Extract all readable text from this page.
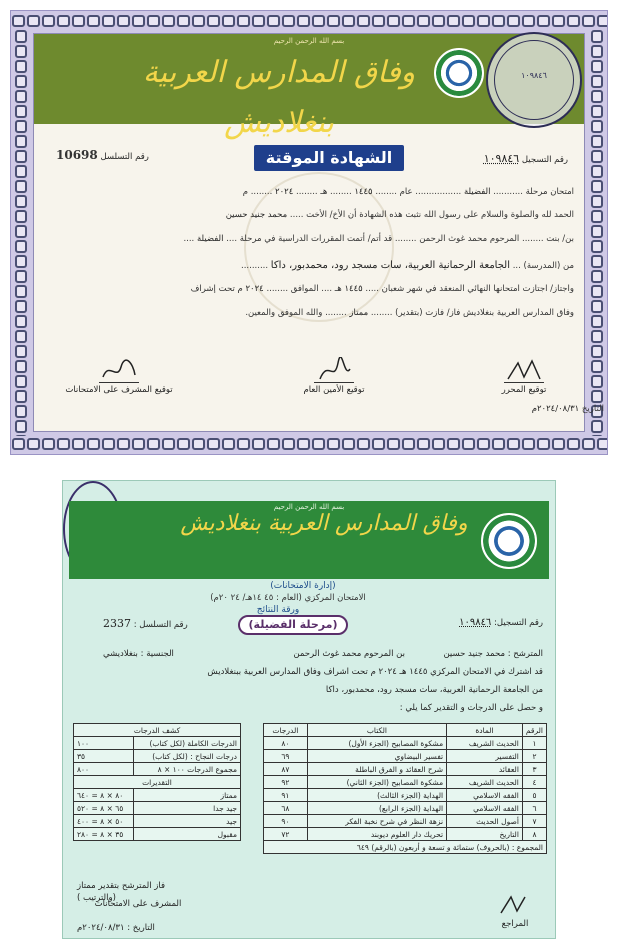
بسم الله الرحمن الرحيم
وفاق المدارس العربية بنغلاديش
١٠٩٨٤٦
رقم التسجيل ١٠٩٨٤٦
الشهادة الموقتة
رقم التسلسل 10698
امتحان مرحلة ........... الفضيلة ................. عام ........ ١٤٤٥ ........ هـ ........ ٢٠٢٤ ........ م
الحمد لله والصلوة والسلام على رسول الله نثبت هذه الشهادة أن الأخ/ الأخت ..... محمد جنيد حسين
بن/ بنت ........ المرحوم محمد غوث الرحمن ........ قد أتم/ أتمت المقررات الدراسية في مرحلة .... الفضيلة ....
من (المدرسة) ... الجامعة الرحمانية العربية، سات مسجد رود، محمدبور، داكا ..........
واجتاز/ اجتازت امتحانها النهائي المنعقد في شهر شعبان ..... ١٤٤٥ هـ .... الموافق ........ ٢٠٢٤ م تحت إشراف
وفاق المدارس العربية بنغلاديش فاز/ فازت (بتقدير) ........ ممتاز ........ والله الموفق والمعين.
توقيع المشرف على الامتحانات	توقيع الأمين العام	توقيع المحرر
التاريخ ٢٠٢٤/٠٨/٣١م
بسم الله الرحمن الرحيم
وفاق المدارس العربية بنغلاديش
(إدارة الامتحانات)
الامتحان المركزي (العام : ٤٥ ١٤هـ/ ٢٤ ٢٠م)
ورقة النتائج
رقم التسجيل: ١٠٩٨٤٦
(مرحلة الفضيلة)
رقم التسلسل : 2337
المترشح : محمد جنيد حسين
بن المرحوم محمد غوث الرحمن
الجنسية : بنغلاديشي
قد اشترك في الامتحان المركزي ١٤٤٥ هـ ٢٠٢٤ م تحت اشراف وفاق المدارس العربية ببنغلاديش
من الجامعة الرحمانية العربية، سات مسجد رود، محمدبور، داكا
و حصل على الدرجات و التقدير كما يلي :
الرقم	المادة	الكتاب	الدرجات
١	الحديث الشريف	مشكوة المصابيح (الجزء الأول)	٨٠
٢	التفسير	تفسير البيضاوي	٦٩
٣	العقائد	شرح العقائد و الفرق الباطلة	٨٧
٤	الحديث الشريف	مشكوة المصابيح (الجزء الثاني)	٩٢
٥	الفقه الاسلامي	الهداية (الجزء الثالث)	٩١
٦	الفقه الاسلامي	الهداية (الجزء الرابع)	٦٨
٧	أصول الحديث	نزهة النظر في شرح نخبة الفكر	٩٠
٨	التاريخ	تحريك دار العلوم ديوبند	٧٢
المجموع : (بالحروف) ستمائة و تسعة و أربعون (بالرقم) ٦٤٩			
كشف الدرجات	
الدرجات الكاملة (لكل كتاب)	١٠٠
درجات النجاح : (لكل كتاب)	٣٥
مجموع الدرجات ١٠٠ × ٨	٨٠٠
التقديرات	
ممتاز	٨٠ × ٨ = ٦٤٠
جيد جدا	٦٥ × ٨ = ٥٢٠
جيد	٥٠ × ٨ = ٤٠٠
مقبول	٣٥ × ٨ = ٢٨٠
فاز المترشح بتقدير ممتاز
(والترتيب )
المشرف على الامتحانات
التاريخ : ٢٠٢٤/٠٨/٣١م	المراجع
